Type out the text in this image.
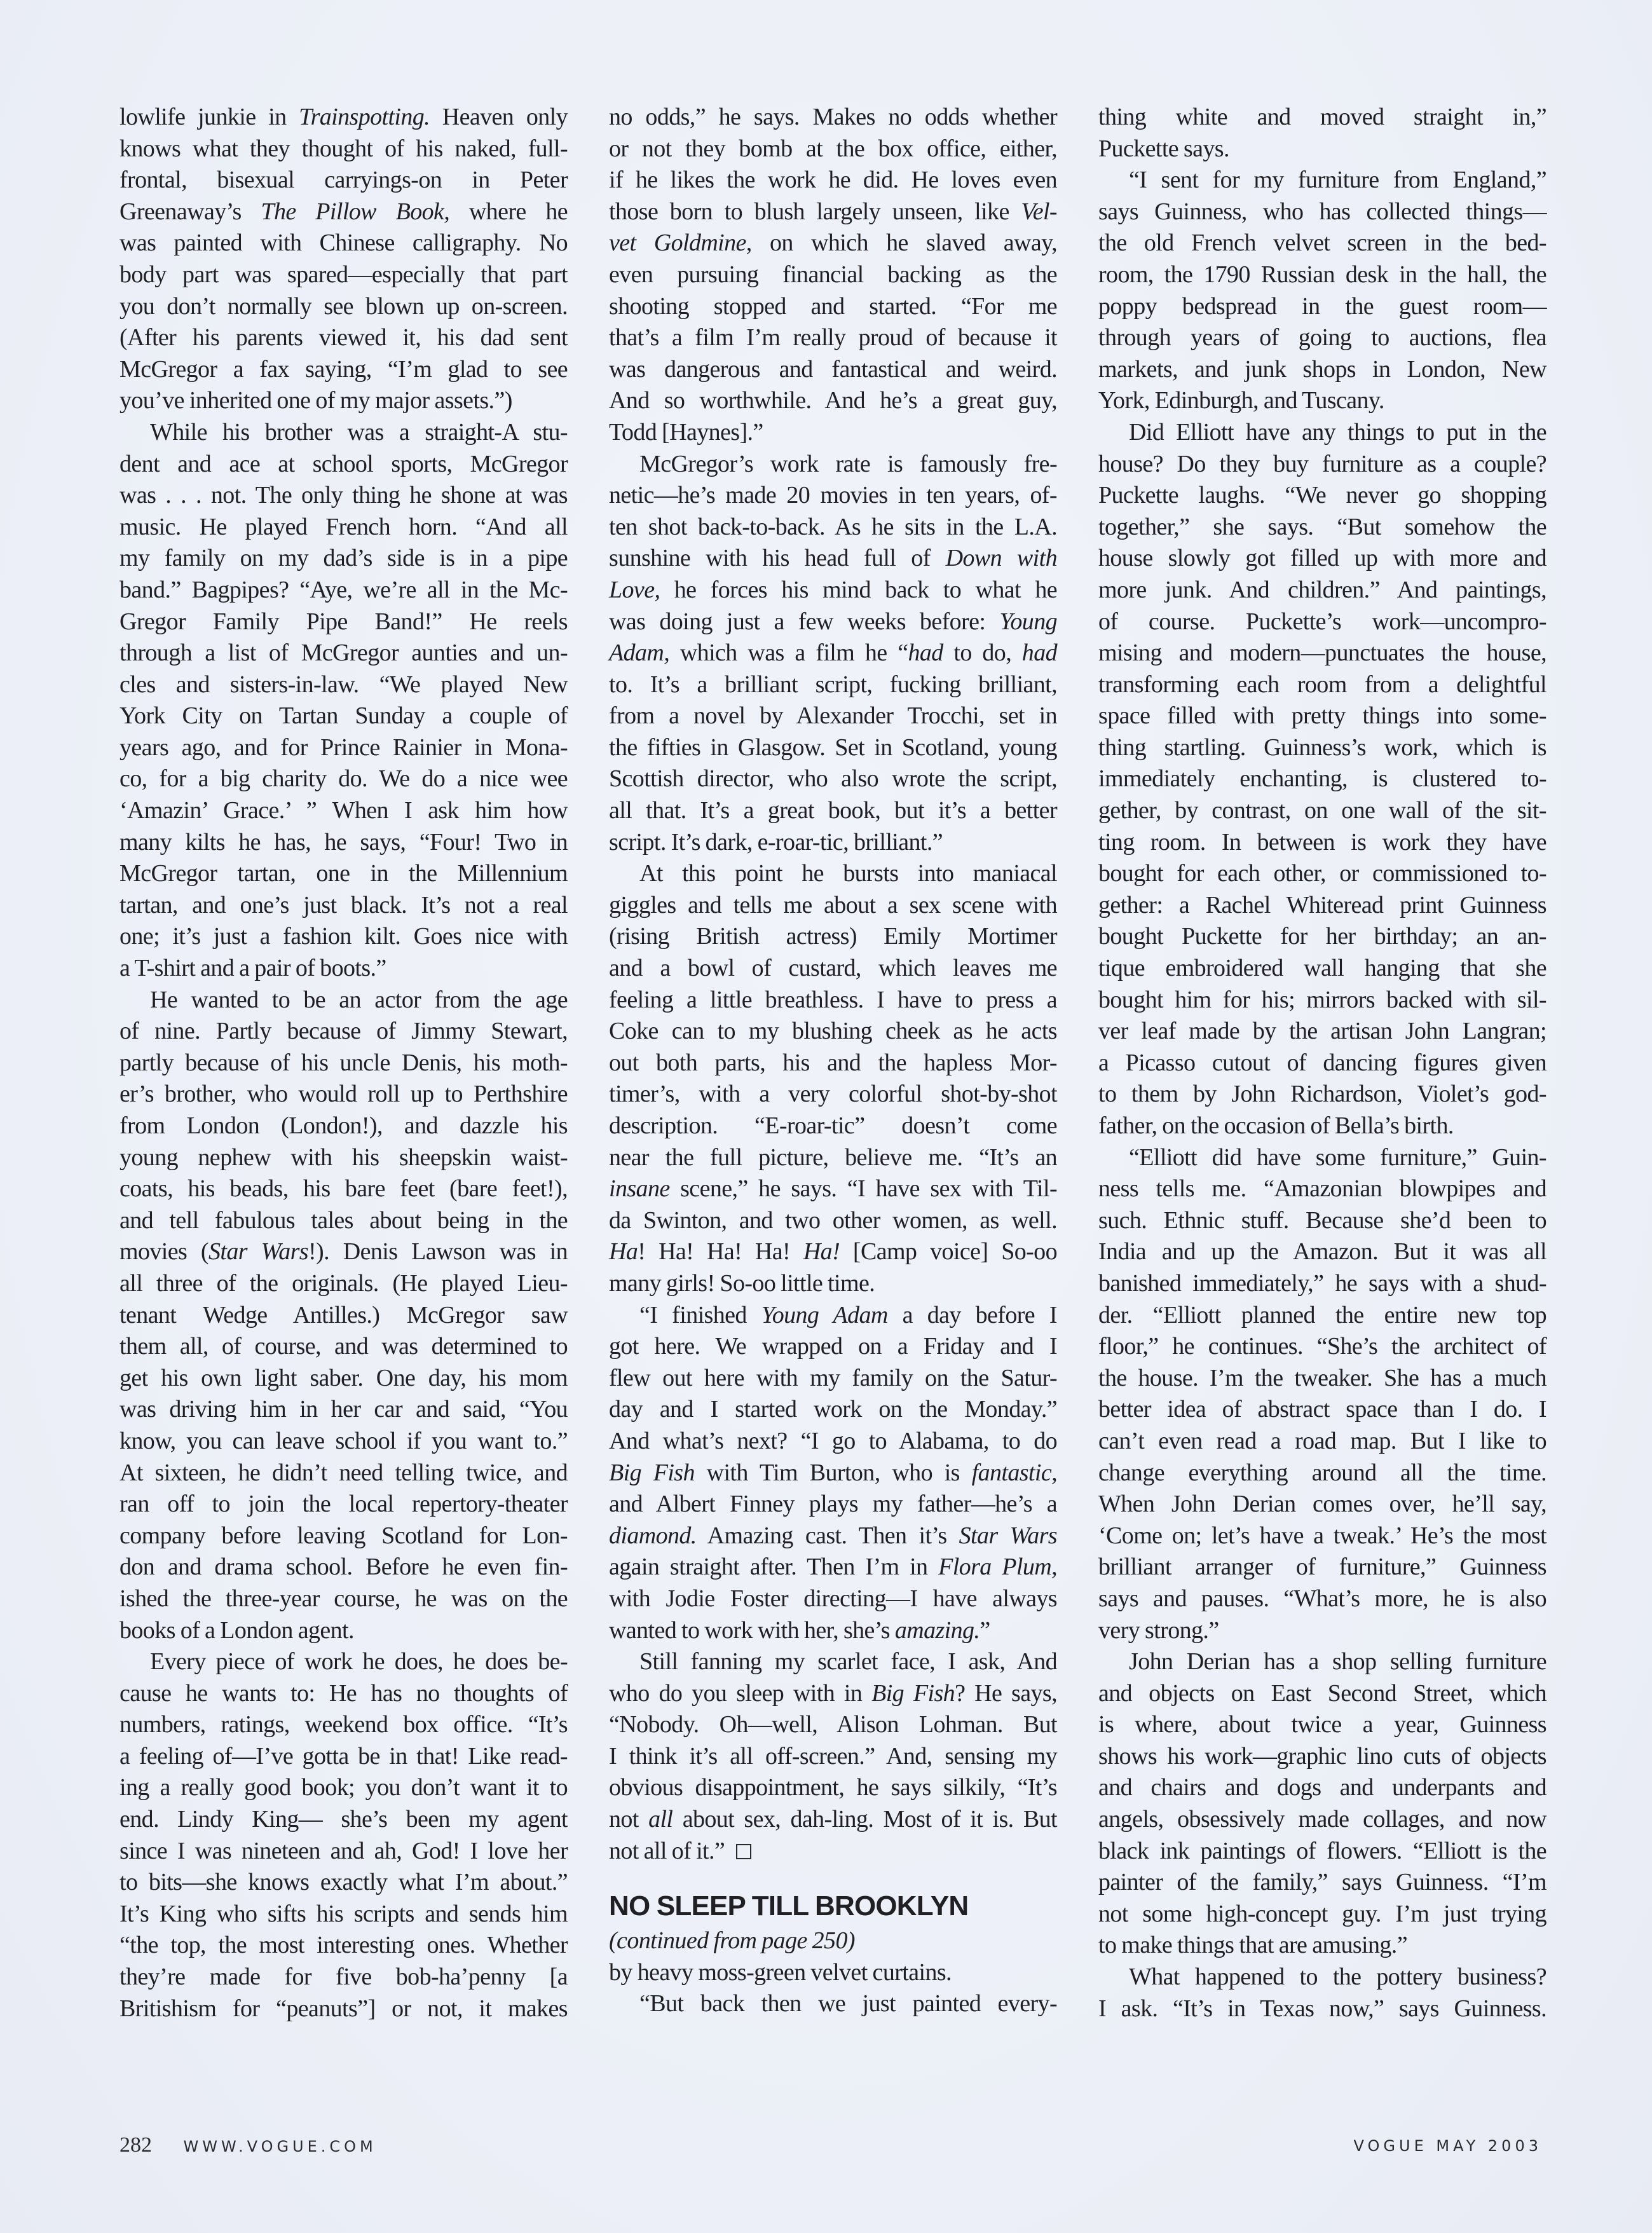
lowlife junkie in Trainspotting. Heaven only
knows what they thought of his naked, full-
frontal, bisexual carryings-on in Peter
Greenaway’s The Pillow Book, where he
was painted with Chinese calligraphy. No
body part was spared—especially that part
you don’t normally see blown up on-screen.
(After his parents viewed it, his dad sent
McGregor a fax saying, “I’m glad to see
you’ve inherited one of my major assets.”)
While his brother was a straight-A stu-
dent and ace at school sports, McGregor
was . . . not. The only thing he shone at was
music. He played French horn. “And all
my family on my dad’s side is in a pipe
band.” Bagpipes? “Aye, we’re all in the Mc-
Gregor Family Pipe Band!” He reels
through a list of McGregor aunties and un-
cles and sisters-in-law. “We played New
York City on Tartan Sunday a couple of
years ago, and for Prince Rainier in Mona-
co, for a big charity do. We do a nice wee
‘Amazin’ Grace.’ ” When I ask him how
many kilts he has, he says, “Four! Two in
McGregor tartan, one in the Millennium
tartan, and one’s just black. It’s not a real
one; it’s just a fashion kilt. Goes nice with
a T-shirt and a pair of boots.”
He wanted to be an actor from the age
of nine. Partly because of Jimmy Stewart,
partly because of his uncle Denis, his moth-
er’s brother, who would roll up to Perthshire
from London (London!), and dazzle his
young nephew with his sheepskin waist-
coats, his beads, his bare feet (bare feet!),
and tell fabulous tales about being in the
movies (Star Wars!). Denis Lawson was in
all three of the originals. (He played Lieu-
tenant Wedge Antilles.) McGregor saw
them all, of course, and was determined to
get his own light saber. One day, his mom
was driving him in her car and said, “You
know, you can leave school if you want to.”
At sixteen, he didn’t need telling twice, and
ran off to join the local repertory-theater
company before leaving Scotland for Lon-
don and drama school. Before he even fin-
ished the three-year course, he was on the
books of a London agent.
Every piece of work he does, he does be-
cause he wants to: He has no thoughts of
numbers, ratings, weekend box office. “It’s
a feeling of—I’ve gotta be in that! Like read-
ing a really good book; you don’t want it to
end. Lindy King— she’s been my agent
since I was nineteen and ah, God! I love her
to bits—she knows exactly what I’m about.”
It’s King who sifts his scripts and sends him
“the top, the most interesting ones. Whether
they’re made for five bob-ha’penny [a
Britishism for “peanuts”] or not, it makes
no odds,” he says. Makes no odds whether
or not they bomb at the box office, either,
if he likes the work he did. He loves even
those born to blush largely unseen, like Vel-
vet Goldmine, on which he slaved away,
even pursuing financial backing as the
shooting stopped and started. “For me
that’s a film I’m really proud of because it
was dangerous and fantastical and weird.
And so worthwhile. And he’s a great guy,
Todd [Haynes].”
McGregor’s work rate is famously fre-
netic—he’s made 20 movies in ten years, of-
ten shot back-to-back. As he sits in the L.A.
sunshine with his head full of Down with
Love, he forces his mind back to what he
was doing just a few weeks before: Young
Adam, which was a film he “had to do, had
to. It’s a brilliant script, fucking brilliant,
from a novel by Alexander Trocchi, set in
the fifties in Glasgow. Set in Scotland, young
Scottish director, who also wrote the script,
all that. It’s a great book, but it’s a better
script. It’s dark, e-roar-tic, brilliant.”
At this point he bursts into maniacal
giggles and tells me about a sex scene with
(rising British actress) Emily Mortimer
and a bowl of custard, which leaves me
feeling a little breathless. I have to press a
Coke can to my blushing cheek as he acts
out both parts, his and the hapless Mor-
timer’s, with a very colorful shot-by-shot
description. “E-roar-tic” doesn’t come
near the full picture, believe me. “It’s an
insane scene,” he says. “I have sex with Til-
da Swinton, and two other women, as well.
Ha! Ha! Ha! Ha! Ha! [Camp voice] So-oo
many girls! So-oo little time.
“I finished Young Adam a day before I
got here. We wrapped on a Friday and I
flew out here with my family on the Satur-
day and I started work on the Monday.”
And what’s next? “I go to Alabama, to do
Big Fish with Tim Burton, who is fantastic,
and Albert Finney plays my father—he’s a
diamond. Amazing cast. Then it’s Star Wars
again straight after. Then I’m in Flora Plum,
with Jodie Foster directing—I have always
wanted to work with her, she’s amazing.”
Still fanning my scarlet face, I ask, And
who do you sleep with in Big Fish? He says,
“Nobody. Oh—well, Alison Lohman. But
I think it’s all off-screen.” And, sensing my
obvious disappointment, he says silkily, “It’s
not all about sex, dah-ling. Most of it is. But
not all of it.”
NO SLEEP TILL BROOKLYN
(continued from page 250)
by heavy moss-green velvet curtains.
“But back then we just painted every-
thing white and moved straight in,”
Puckette says.
“I sent for my furniture from England,”
says Guinness, who has collected things—
the old French velvet screen in the bed-
room, the 1790 Russian desk in the hall, the
poppy bedspread in the guest room—
through years of going to auctions, flea
markets, and junk shops in London, New
York, Edinburgh, and Tuscany.
Did Elliott have any things to put in the
house? Do they buy furniture as a couple?
Puckette laughs. “We never go shopping
together,” she says. “But somehow the
house slowly got filled up with more and
more junk. And children.” And paintings,
of course. Puckette’s work—uncompro-
mising and modern—punctuates the house,
transforming each room from a delightful
space filled with pretty things into some-
thing startling. Guinness’s work, which is
immediately enchanting, is clustered to-
gether, by contrast, on one wall of the sit-
ting room. In between is work they have
bought for each other, or commissioned to-
gether: a Rachel Whiteread print Guinness
bought Puckette for her birthday; an an-
tique embroidered wall hanging that she
bought him for his; mirrors backed with sil-
ver leaf made by the artisan John Langran;
a Picasso cutout of dancing figures given
to them by John Richardson, Violet’s god-
father, on the occasion of Bella’s birth.
“Elliott did have some furniture,” Guin-
ness tells me. “Amazonian blowpipes and
such. Ethnic stuff. Because she’d been to
India and up the Amazon. But it was all
banished immediately,” he says with a shud-
der. “Elliott planned the entire new top
floor,” he continues. “She’s the architect of
the house. I’m the tweaker. She has a much
better idea of abstract space than I do. I
can’t even read a road map. But I like to
change everything around all the time.
When John Derian comes over, he’ll say,
‘Come on; let’s have a tweak.’ He’s the most
brilliant arranger of furniture,” Guinness
says and pauses. “What’s more, he is also
very strong.”
John Derian has a shop selling furniture
and objects on East Second Street, which
is where, about twice a year, Guinness
shows his work—graphic lino cuts of objects
and chairs and dogs and underpants and
angels, obsessively made collages, and now
black ink paintings of flowers. “Elliott is the
painter of the family,” says Guinness. “I’m
not some high-concept guy. I’m just trying
to make things that are amusing.”
What happened to the pottery business?
I ask. “It’s in Texas now,” says Guinness.
282 WWW.VOGUE.COM	VOGUE MAY 2003
